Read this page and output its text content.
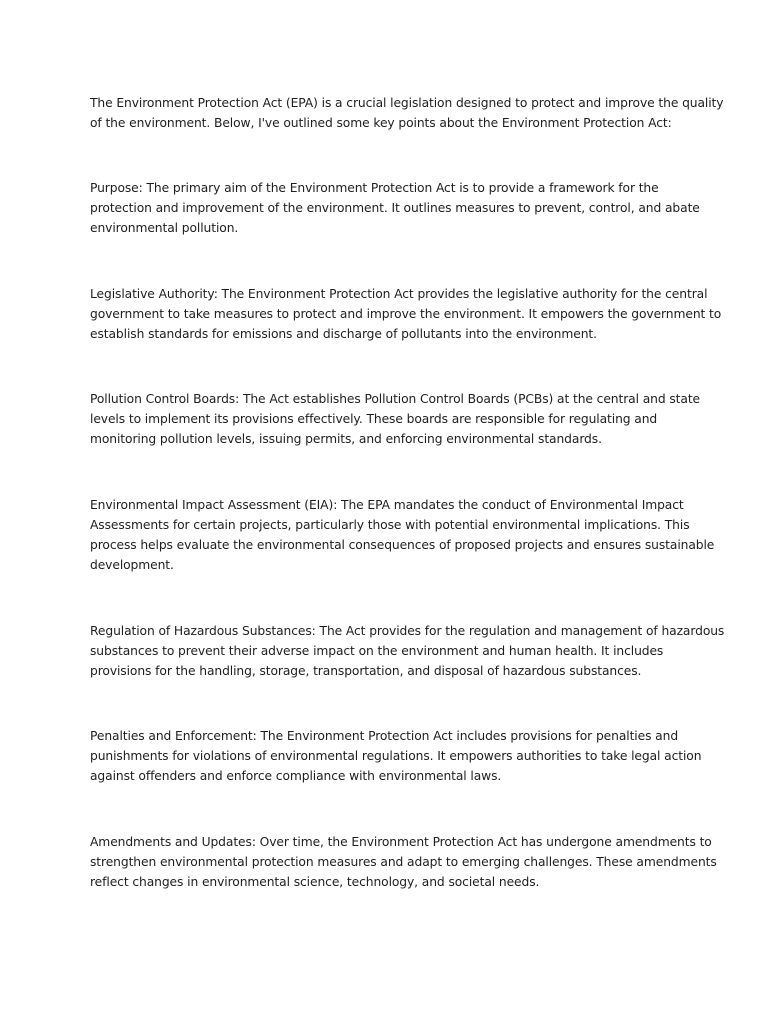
The Environment Protection Act (EPA) is a crucial legislation designed to protect and improve the quality
of the environment. Below, I've outlined some key points about the Environment Protection Act:

Purpose: The primary aim of the Environment Protection Act is to provide a framework for the
protection and improvement of the environment. It outlines measures to prevent, control, and abate
environmental pollution.

Legislative Authority: The Environment Protection Act provides the legislative authority for the central
government to take measures to protect and improve the environment. It empowers the government to
establish standards for emissions and discharge of pollutants into the environment.

Pollution Control Boards: The Act establishes Pollution Control Boards (PCBs) at the central and state
levels to implement its provisions effectively. These boards are responsible for regulating and
monitoring pollution levels, issuing permits, and enforcing environmental standards.

Environmental Impact Assessment (EIA): The EPA mandates the conduct of Environmental Impact
Assessments for certain projects, particularly those with potential environmental implications. This
process helps evaluate the environmental consequences of proposed projects and ensures sustainable
development.

Regulation of Hazardous Substances: The Act provides for the regulation and management of hazardous
substances to prevent their adverse impact on the environment and human health. It includes
provisions for the handling, storage, transportation, and disposal of hazardous substances.

Penalties and Enforcement: The Environment Protection Act includes provisions for penalties and
punishments for violations of environmental regulations. It empowers authorities to take legal action
against offenders and enforce compliance with environmental laws.

Amendments and Updates: Over time, the Environment Protection Act has undergone amendments to
strengthen environmental protection measures and adapt to emerging challenges. These amendments
reflect changes in environmental science, technology, and societal needs.
